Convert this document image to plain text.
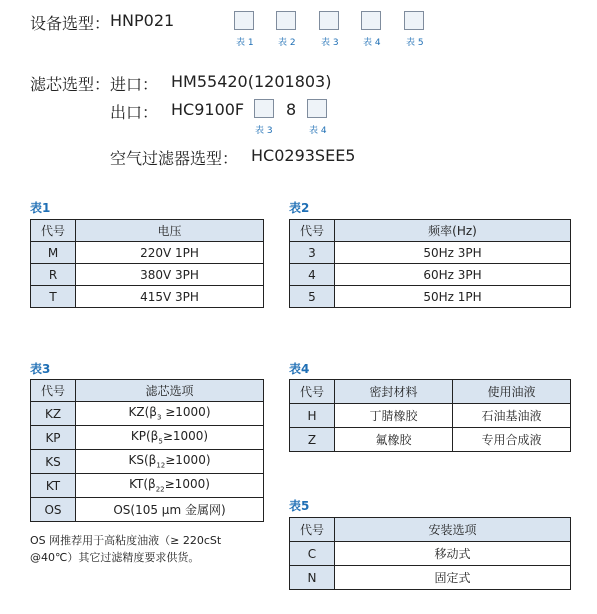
设备选型： HNP021
表 1	表 2	表 3	表 4	表 5
滤芯选型： 进口： HM55420(1201803)
出口： HC9100F
表 3
8
表 4
空气过滤器选型： HC0293SEE5
表1
代号	电压
M	220V 1PH
R	380V 3PH
T	415V 3PH
表2
代号	频率(Hz)
3	50Hz 3PH
4	60Hz 3PH
5	50Hz 1PH
表3
代号	滤芯选项
KZ	$KZ(\beta_3 \ge 1000)$
KP	$KP(\beta_5\ge 1000)$
KS	$KS(\beta_{12}\ge 1000)$
KT	$KT(\beta_{22}\ge 1000)$
OS	OS(105 μm 金属网)
OS 网推荐用于高粘度油液（≥ 220cSt
@40℃）其它过滤精度要求供货。
表4
代号	密封材料	使用油液
H	丁腈橡胶	石油基油液
Z	氟橡胶	专用合成液
表5
代号	安装选项
C	移动式
N	固定式
